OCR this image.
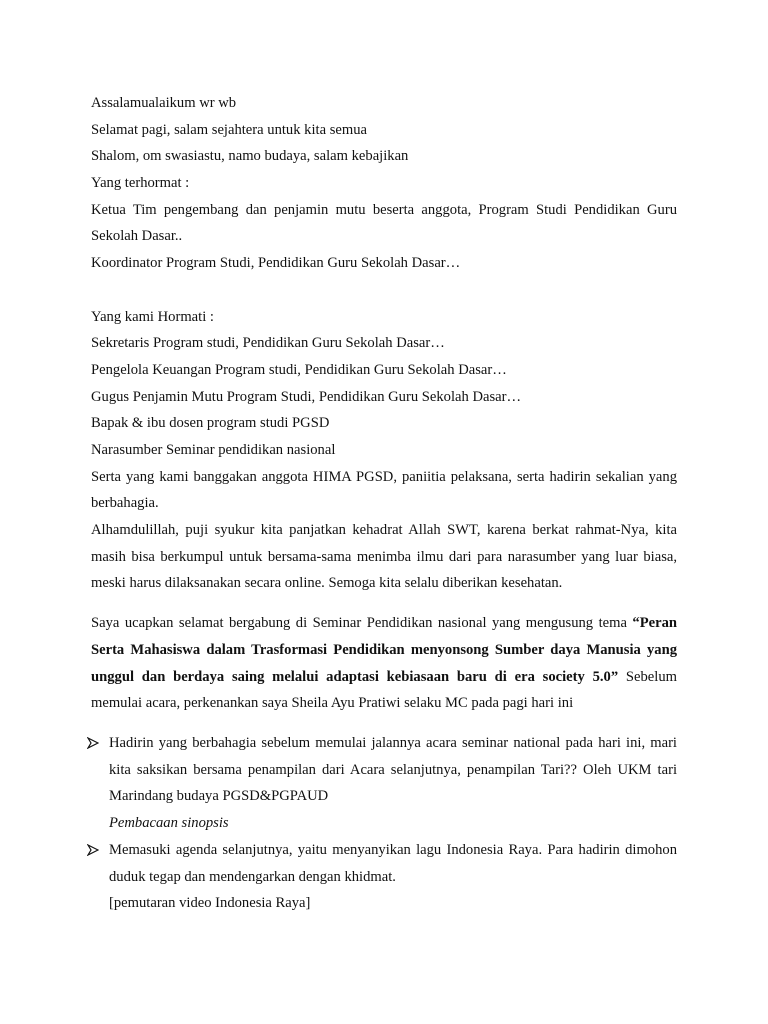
Assalamualaikum wr wb
Selamat pagi, salam sejahtera untuk kita semua
Shalom, om swasiastu, namo budaya, salam kebajikan
Yang terhormat :
Ketua Tim pengembang dan penjamin mutu beserta anggota, Program Studi Pendidikan Guru Sekolah Dasar..
Koordinator Program Studi, Pendidikan Guru Sekolah Dasar…
Yang kami Hormati :
Sekretaris Program studi, Pendidikan Guru Sekolah Dasar…
Pengelola Keuangan Program studi, Pendidikan Guru Sekolah Dasar…
Gugus Penjamin Mutu Program Studi, Pendidikan Guru Sekolah Dasar…
Bapak & ibu dosen program studi PGSD
Narasumber Seminar pendidikan nasional
Serta yang kami banggakan anggota HIMA PGSD, paniitia pelaksana, serta hadirin sekalian yang berbahagia.
Alhamdulillah, puji syukur kita panjatkan kehadrat Allah SWT, karena berkat rahmat-Nya, kita masih bisa berkumpul untuk bersama-sama menimba ilmu dari para narasumber yang luar biasa, meski harus dilaksanakan secara online. Semoga kita selalu diberikan kesehatan.
Saya ucapkan selamat bergabung di Seminar Pendidikan nasional yang mengusung tema “Peran Serta Mahasiswa dalam Trasformasi Pendidikan menyonsong Sumber daya Manusia yang unggul dan berdaya saing melalui adaptasi kebiasaan baru di era society 5.0” Sebelum memulai acara, perkenankan saya Sheila Ayu Pratiwi selaku MC pada pagi hari ini
Hadirin yang berbahagia sebelum memulai jalannya acara seminar national pada hari ini, mari kita saksikan bersama penampilan dari Acara selanjutnya, penampilan Tari?? Oleh UKM tari Marindang budaya PGSD&PGPAUD
Pembacaan sinopsis
Memasuki agenda selanjutnya, yaitu menyanyikan lagu Indonesia Raya. Para hadirin dimohon duduk tegap dan mendengarkan dengan khidmat.
[pemutaran video Indonesia Raya]
